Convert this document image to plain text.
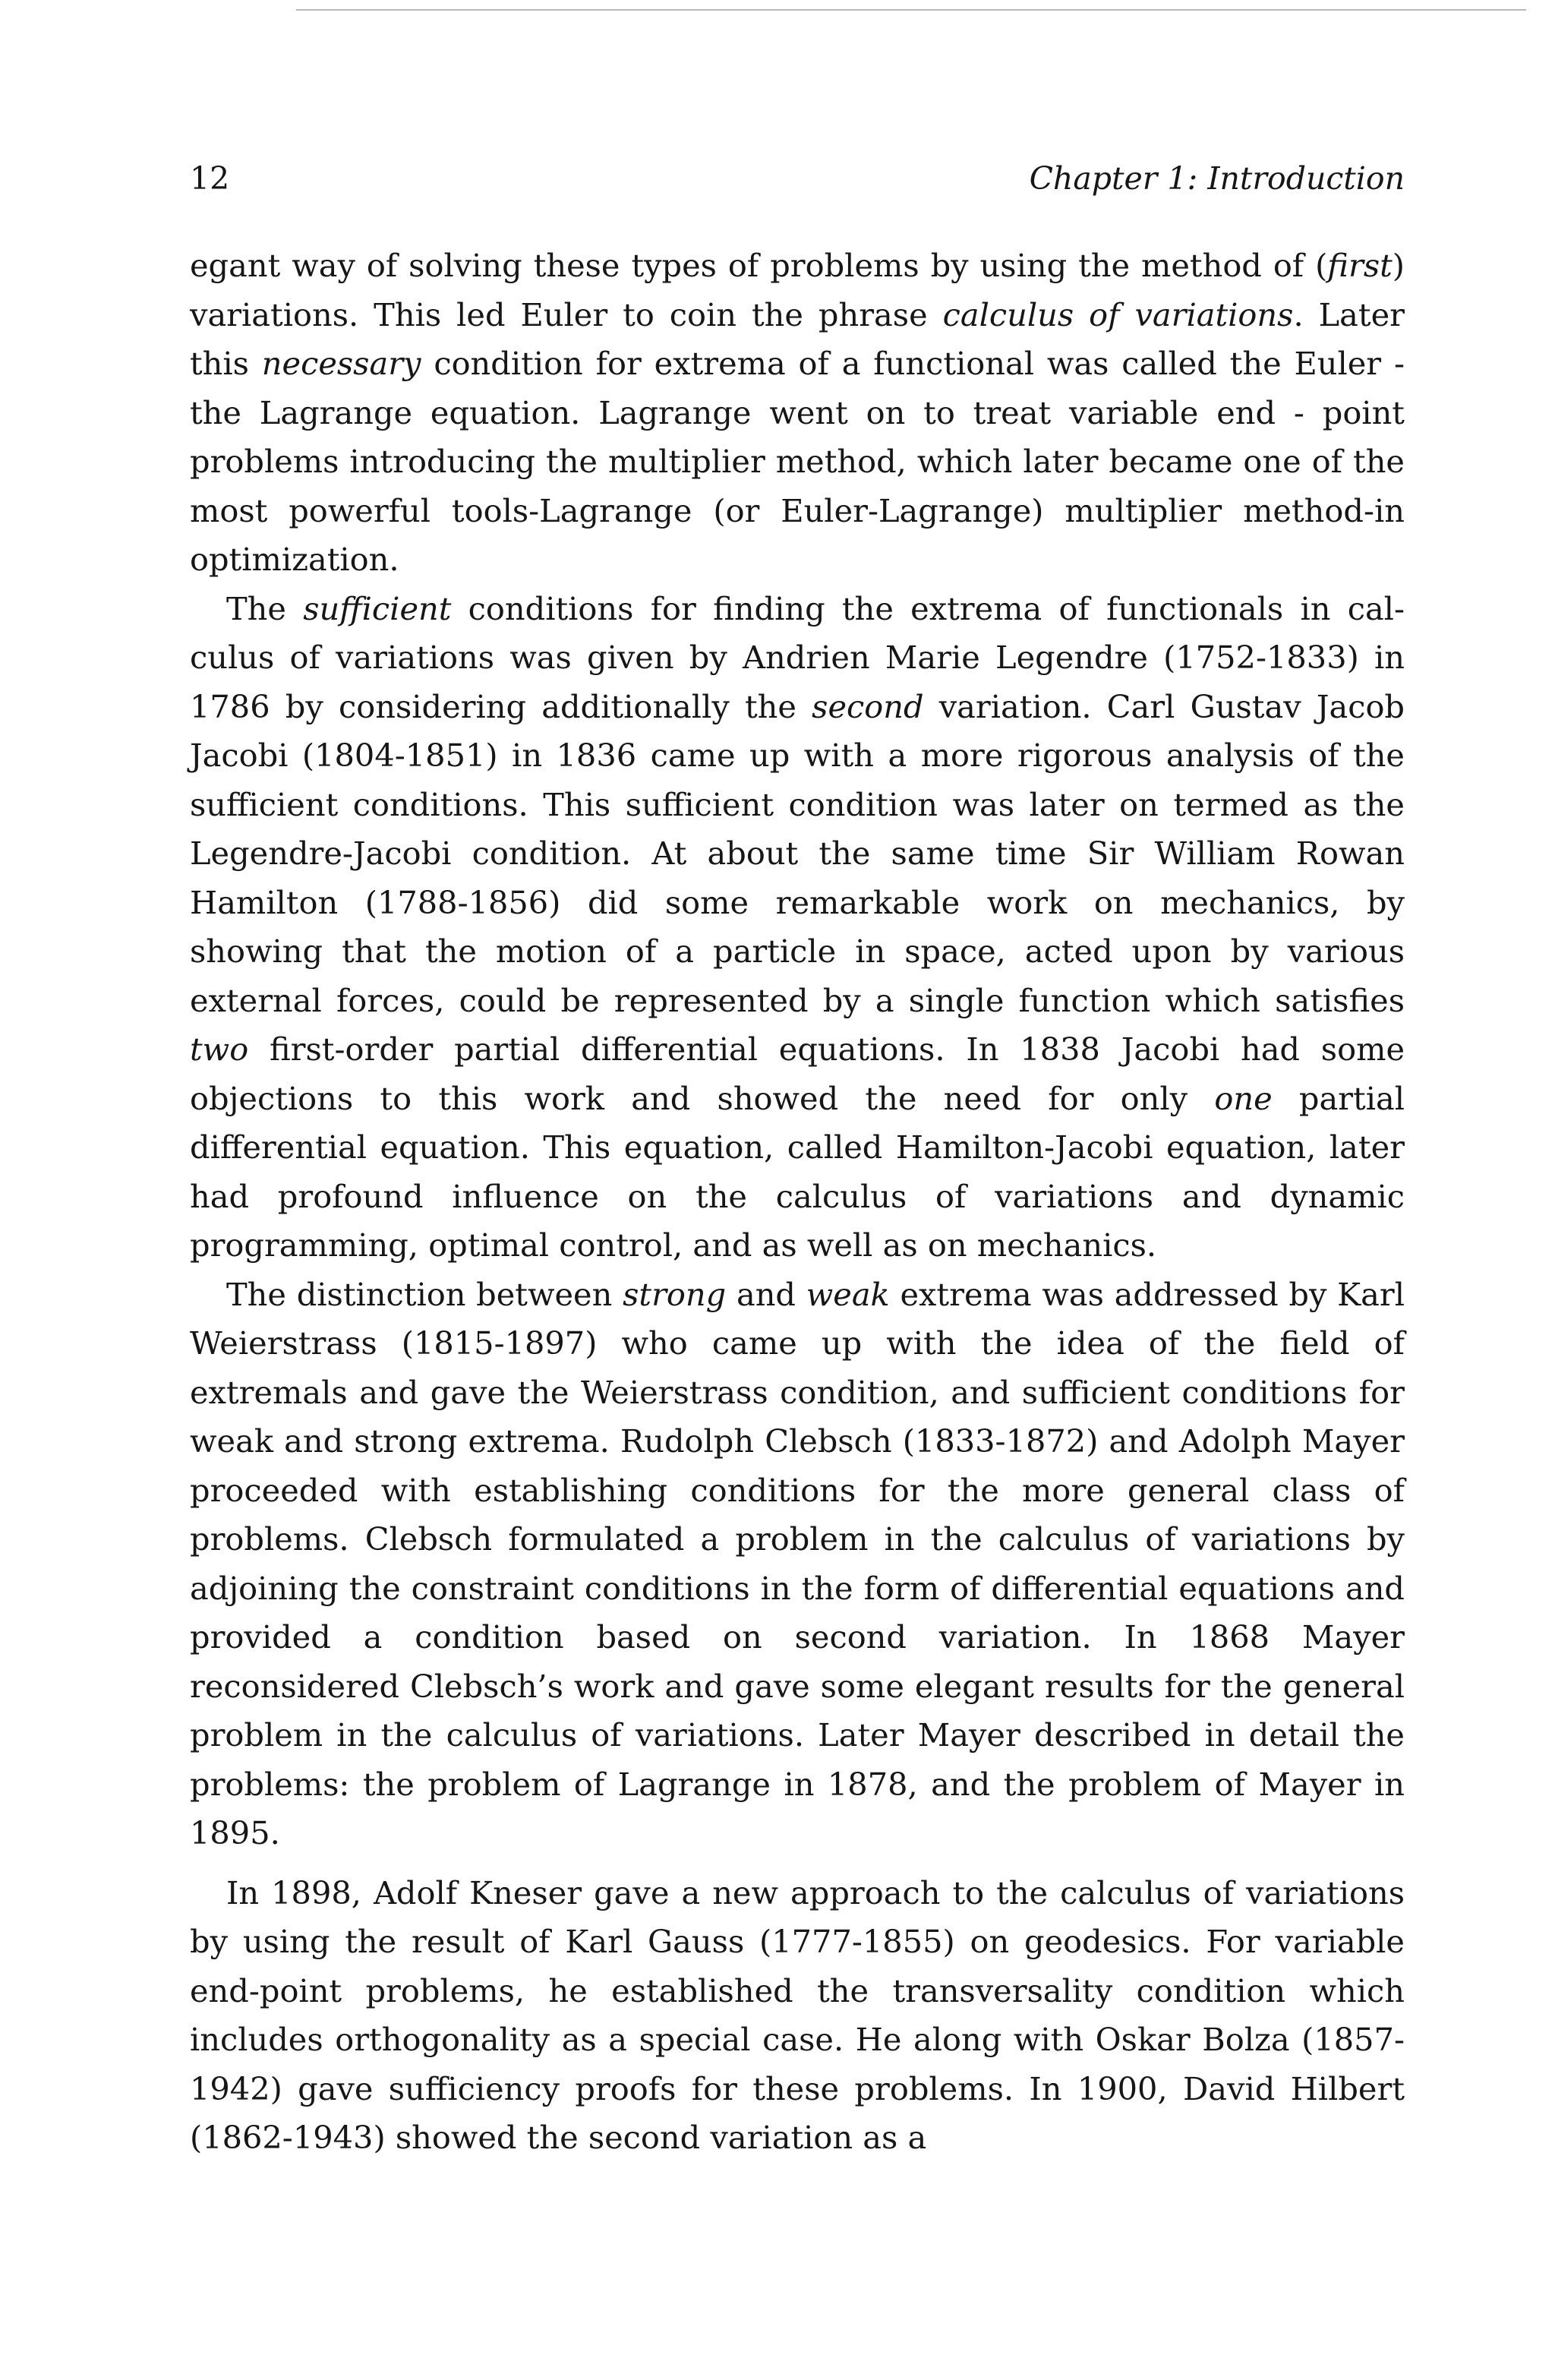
12	Chapter 1: Introduction

egant way of solving these types of problems by using the method of (first) variations. This led Euler to coin the phrase calculus of variations. Later this necessary condition for extrema of a functional was called the Euler - the Lagrange equation. Lagrange went on to treat variable end - point problems introducing the multiplier method, which later became one of the most powerful tools-Lagrange (or Euler-Lagrange) multiplier method-in optimization.

The sufficient conditions for finding the extrema of functionals in calculus of variations was given by Andrien Marie Legendre (1752-1833) in 1786 by considering additionally the second variation. Carl Gustav Jacob Jacobi (1804-1851) in 1836 came up with a more rigorous analysis of the sufficient conditions. This sufficient condition was later on termed as the Legendre-Jacobi condition. At about the same time Sir William Rowan Hamilton (1788-1856) did some remarkable work on mechanics, by showing that the motion of a particle in space, acted upon by various external forces, could be represented by a single function which satisfies two first-order partial differential equations. In 1838 Jacobi had some objections to this work and showed the need for only one partial differential equation. This equation, called Hamilton-Jacobi equation, later had profound influence on the calculus of variations and dynamic programming, optimal control, and as well as on mechanics.

The distinction between strong and weak extrema was addressed by Karl Weierstrass (1815-1897) who came up with the idea of the field of extremals and gave the Weierstrass condition, and sufficient conditions for weak and strong extrema. Rudolph Clebsch (1833-1872) and Adolph Mayer proceeded with establishing conditions for the more general class of problems. Clebsch formulated a problem in the calculus of variations by adjoining the constraint conditions in the form of differential equations and provided a condition based on second variation. In 1868 Mayer reconsidered Clebsch’s work and gave some elegant results for the general problem in the calculus of variations. Later Mayer described in detail the problems: the problem of Lagrange in 1878, and the problem of Mayer in 1895.

In 1898, Adolf Kneser gave a new approach to the calculus of variations by using the result of Karl Gauss (1777-1855) on geodesics. For variable end-point problems, he established the transversality condition which includes orthogonality as a special case. He along with Oskar Bolza (1857-1942) gave sufficiency proofs for these problems. In 1900, David Hilbert (1862-1943) showed the second variation as a
